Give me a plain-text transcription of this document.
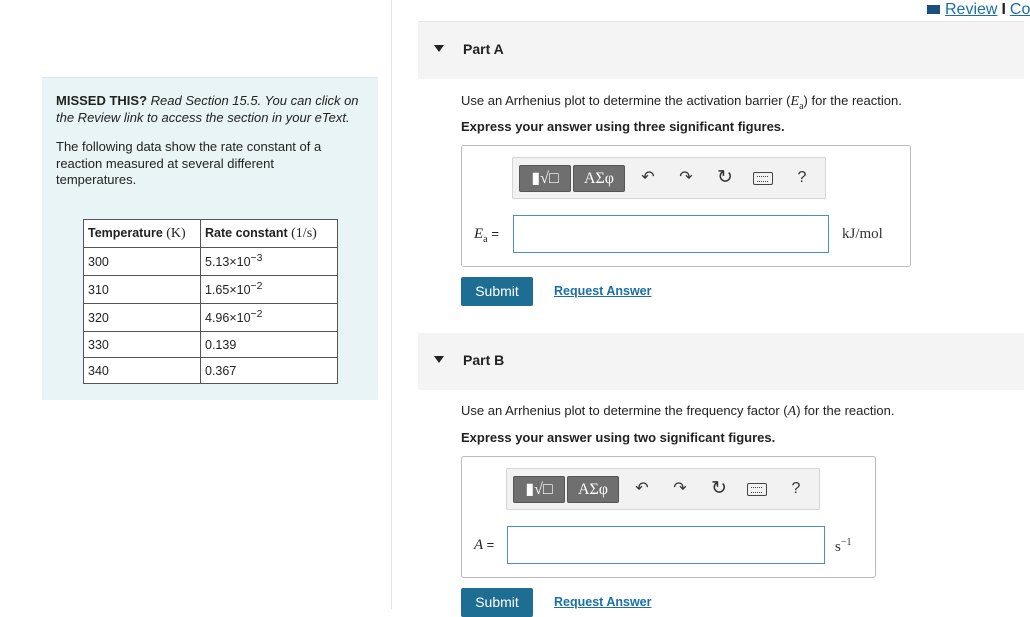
MISSED THIS? Read Section 15.5. You can click on the Review link to access the section in your eText.

The following data show the rate constant of a reaction measured at several different temperatures.

Temperature (K)	Rate constant (1/s)
300	$5.13\times 10^{-3}$
310	$1.65\times 10^{-2}$
320	$4.96\times 10^{-2}$
330	0.139
340	0.367
Review I Co
Part A
Use an Arrhenius plot to determine the activation barrier $(E_a)$ for the reaction.
Express your answer using three significant figures.
▮√□	ΑΣφ	↶ ↷ ↻	?
$E_a$ =	kJ/mol
Submit	Request Answer
Part B
Use an Arrhenius plot to determine the frequency factor (A) for the reaction.
Express your answer using two significant figures.
▮√□	ΑΣφ	↶ ↷ ↻	?
A =	$s^{-1}$
Submit	Request Answer
